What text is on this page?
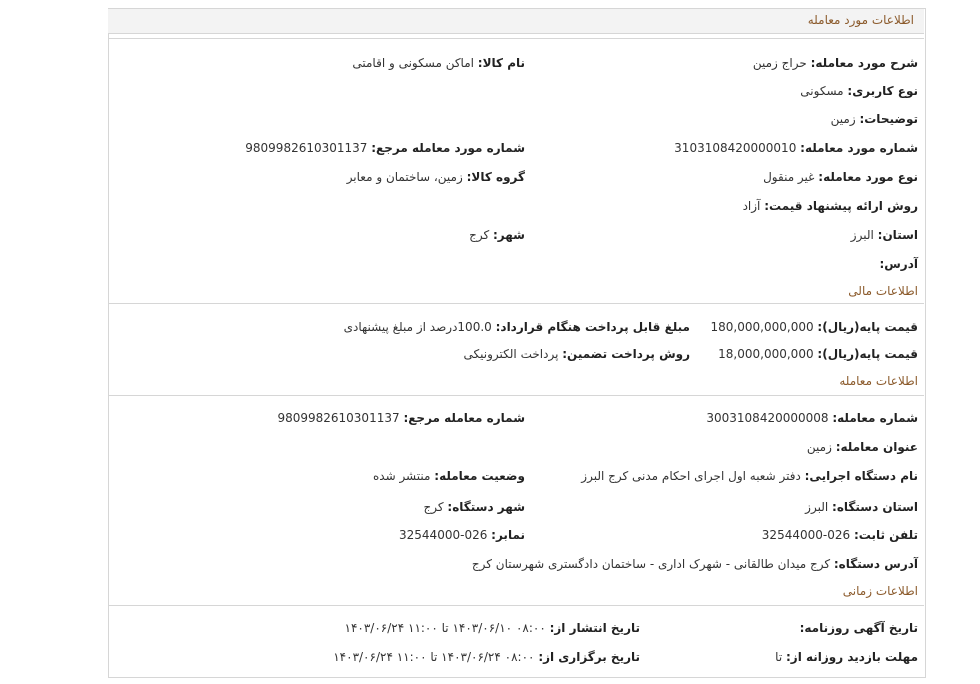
اطلاعات مورد معامله

شرح مورد معامله: حراج زمین
نام کالا: اماکن مسکونی و اقامتی
نوع کاربری: مسکونی
توضیحات: زمین
شماره مورد معامله: 3103108420000010
شماره مورد معامله مرجع: 9809982610301137
نوع مورد معامله: غیر منقول
گروه کالا: زمین، ساختمان و معابر
روش ارائه پیشنهاد قیمت: آزاد
استان: البرز
شهر: کرج
آدرس:
اطلاعات مالی
قیمت پایه(ریال): 180,000,000,000
مبلغ قابل پرداخت هنگام قرارداد: 100.0درصد از مبلغ پیشنهادی
قیمت پایه(ریال): 18,000,000,000
روش پرداخت تضمین: پرداخت الکترونیکی
اطلاعات معامله
شماره معامله: 3003108420000008
شماره معامله مرجع: 9809982610301137
عنوان معامله: زمین
نام دستگاه اجرایی: دفتر شعبه اول اجرای احکام مدنی کرج البرز
وضعیت معامله: منتشر شده
استان دستگاه: البرز
شهر دستگاه: کرج
تلفن ثابت: 026-32544000
نمابر: 026-32544000
آدرس دستگاه: کرج میدان طالقانی - شهرک اداری - ساختمان دادگستری شهرستان کرج
اطلاعات زمانی
تاریخ آگهی روزنامه:
تاریخ انتشار از: ۰۸:۰۰ ۱۴۰۳/۰۶/۱۰ تا ۱۱:۰۰ ۱۴۰۳/۰۶/۲۴
مهلت بازدید روزانه از: تا
تاریخ برگزاری از: ۰۸:۰۰ ۱۴۰۳/۰۶/۲۴ تا ۱۱:۰۰ ۱۴۰۳/۰۶/۲۴
